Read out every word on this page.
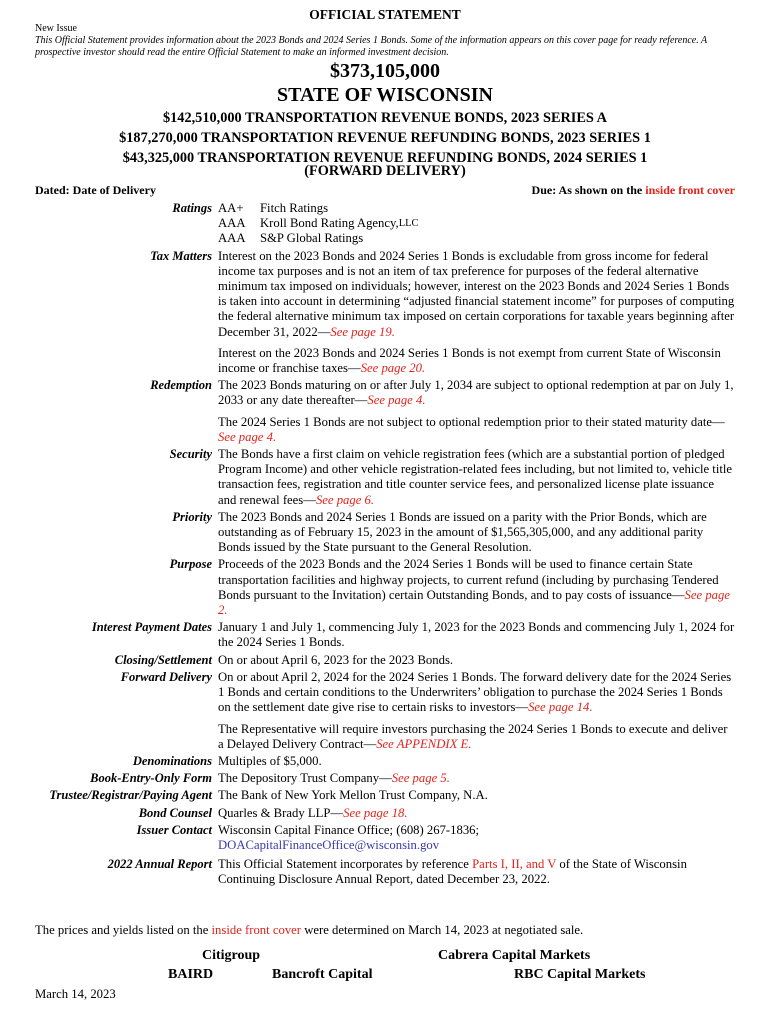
OFFICIAL STATEMENT
New Issue
This Official Statement provides information about the 2023 Bonds and 2024 Series 1 Bonds. Some of the information appears on this cover page for ready reference. A prospective investor should read the entire Official Statement to make an informed investment decision.
$373,105,000
STATE OF WISCONSIN
$142,510,000 TRANSPORTATION REVENUE BONDS, 2023 SERIES A
$187,270,000 TRANSPORTATION REVENUE REFUNDING BONDS, 2023 SERIES 1
$43,325,000 TRANSPORTATION REVENUE REFUNDING BONDS, 2024 SERIES 1
(FORWARD DELIVERY)
Dated: Date of Delivery	Due: As shown on the inside front cover
Ratings AA+	Fitch Ratings
AAA	Kroll Bond Rating Agency, LLC
AAA	S&P Global Ratings
Tax Matters Interest on the 2023 Bonds and 2024 Series 1 Bonds is excludable from gross income for federal income tax purposes and is not an item of tax preference for purposes of the federal alternative minimum tax imposed on individuals; however, interest on the 2023 Bonds and 2024 Series 1 Bonds is taken into account in determining “adjusted financial statement income” for purposes of computing the federal alternative minimum tax imposed on certain corporations for taxable years beginning after December 31, 2022—See page 19.

Interest on the 2023 Bonds and 2024 Series 1 Bonds is not exempt from current State of Wisconsin income or franchise taxes—See page 20.

Redemption The 2023 Bonds maturing on or after July 1, 2034 are subject to optional redemption at par on July 1, 2033 or any date thereafter—See page 4.

The 2024 Series 1 Bonds are not subject to optional redemption prior to their stated maturity date—See page 4.

Security The Bonds have a first claim on vehicle registration fees (which are a substantial portion of pledged Program Income) and other vehicle registration-related fees including, but not limited to, vehicle title transaction fees, registration and title counter service fees, and personalized license plate issuance and renewal fees—See page 6.
Priority The 2023 Bonds and 2024 Series 1 Bonds are issued on a parity with the Prior Bonds, which are outstanding as of February 15, 2023 in the amount of $1,565,305,000, and any additional parity Bonds issued by the State pursuant to the General Resolution.
Purpose Proceeds of the 2023 Bonds and the 2024 Series 1 Bonds will be used to finance certain State transportation facilities and highway projects, to current refund (including by purchasing Tendered Bonds pursuant to the Invitation) certain Outstanding Bonds, and to pay costs of issuance—See page 2.
Interest Payment Dates January 1 and July 1, commencing July 1, 2023 for the 2023 Bonds and commencing July 1, 2024 for the 2024 Series 1 Bonds.
Closing/Settlement On or about April 6, 2023 for the 2023 Bonds.
Forward Delivery On or about April 2, 2024 for the 2024 Series 1 Bonds. The forward delivery date for the 2024 Series 1 Bonds and certain conditions to the Underwriters’ obligation to purchase the 2024 Series 1 Bonds on the settlement date give rise to certain risks to investors—See page 14.

The Representative will require investors purchasing the 2024 Series 1 Bonds to execute and deliver a Delayed Delivery Contract—See APPENDIX E.

Denominations Multiples of $5,000.
Book-Entry-Only Form The Depository Trust Company—See page 5.
Trustee/Registrar/Paying Agent The Bank of New York Mellon Trust Company, N.A.
Bond Counsel Quarles & Brady LLP—See page 18.
Issuer Contact Wisconsin Capital Finance Office; (608) 267-1836;
DOACapitalFinanceOffice@wisconsin.gov
2022 Annual Report This Official Statement incorporates by reference Parts I, II, and V of the State of Wisconsin Continuing Disclosure Annual Report, dated December 23, 2022.
The prices and yields listed on the inside front cover were determined on March 14, 2023 at negotiated sale.
Citigroup	Cabrera Capital Markets
BAIRD	Bancroft Capital	RBC Capital Markets
March 14, 2023
